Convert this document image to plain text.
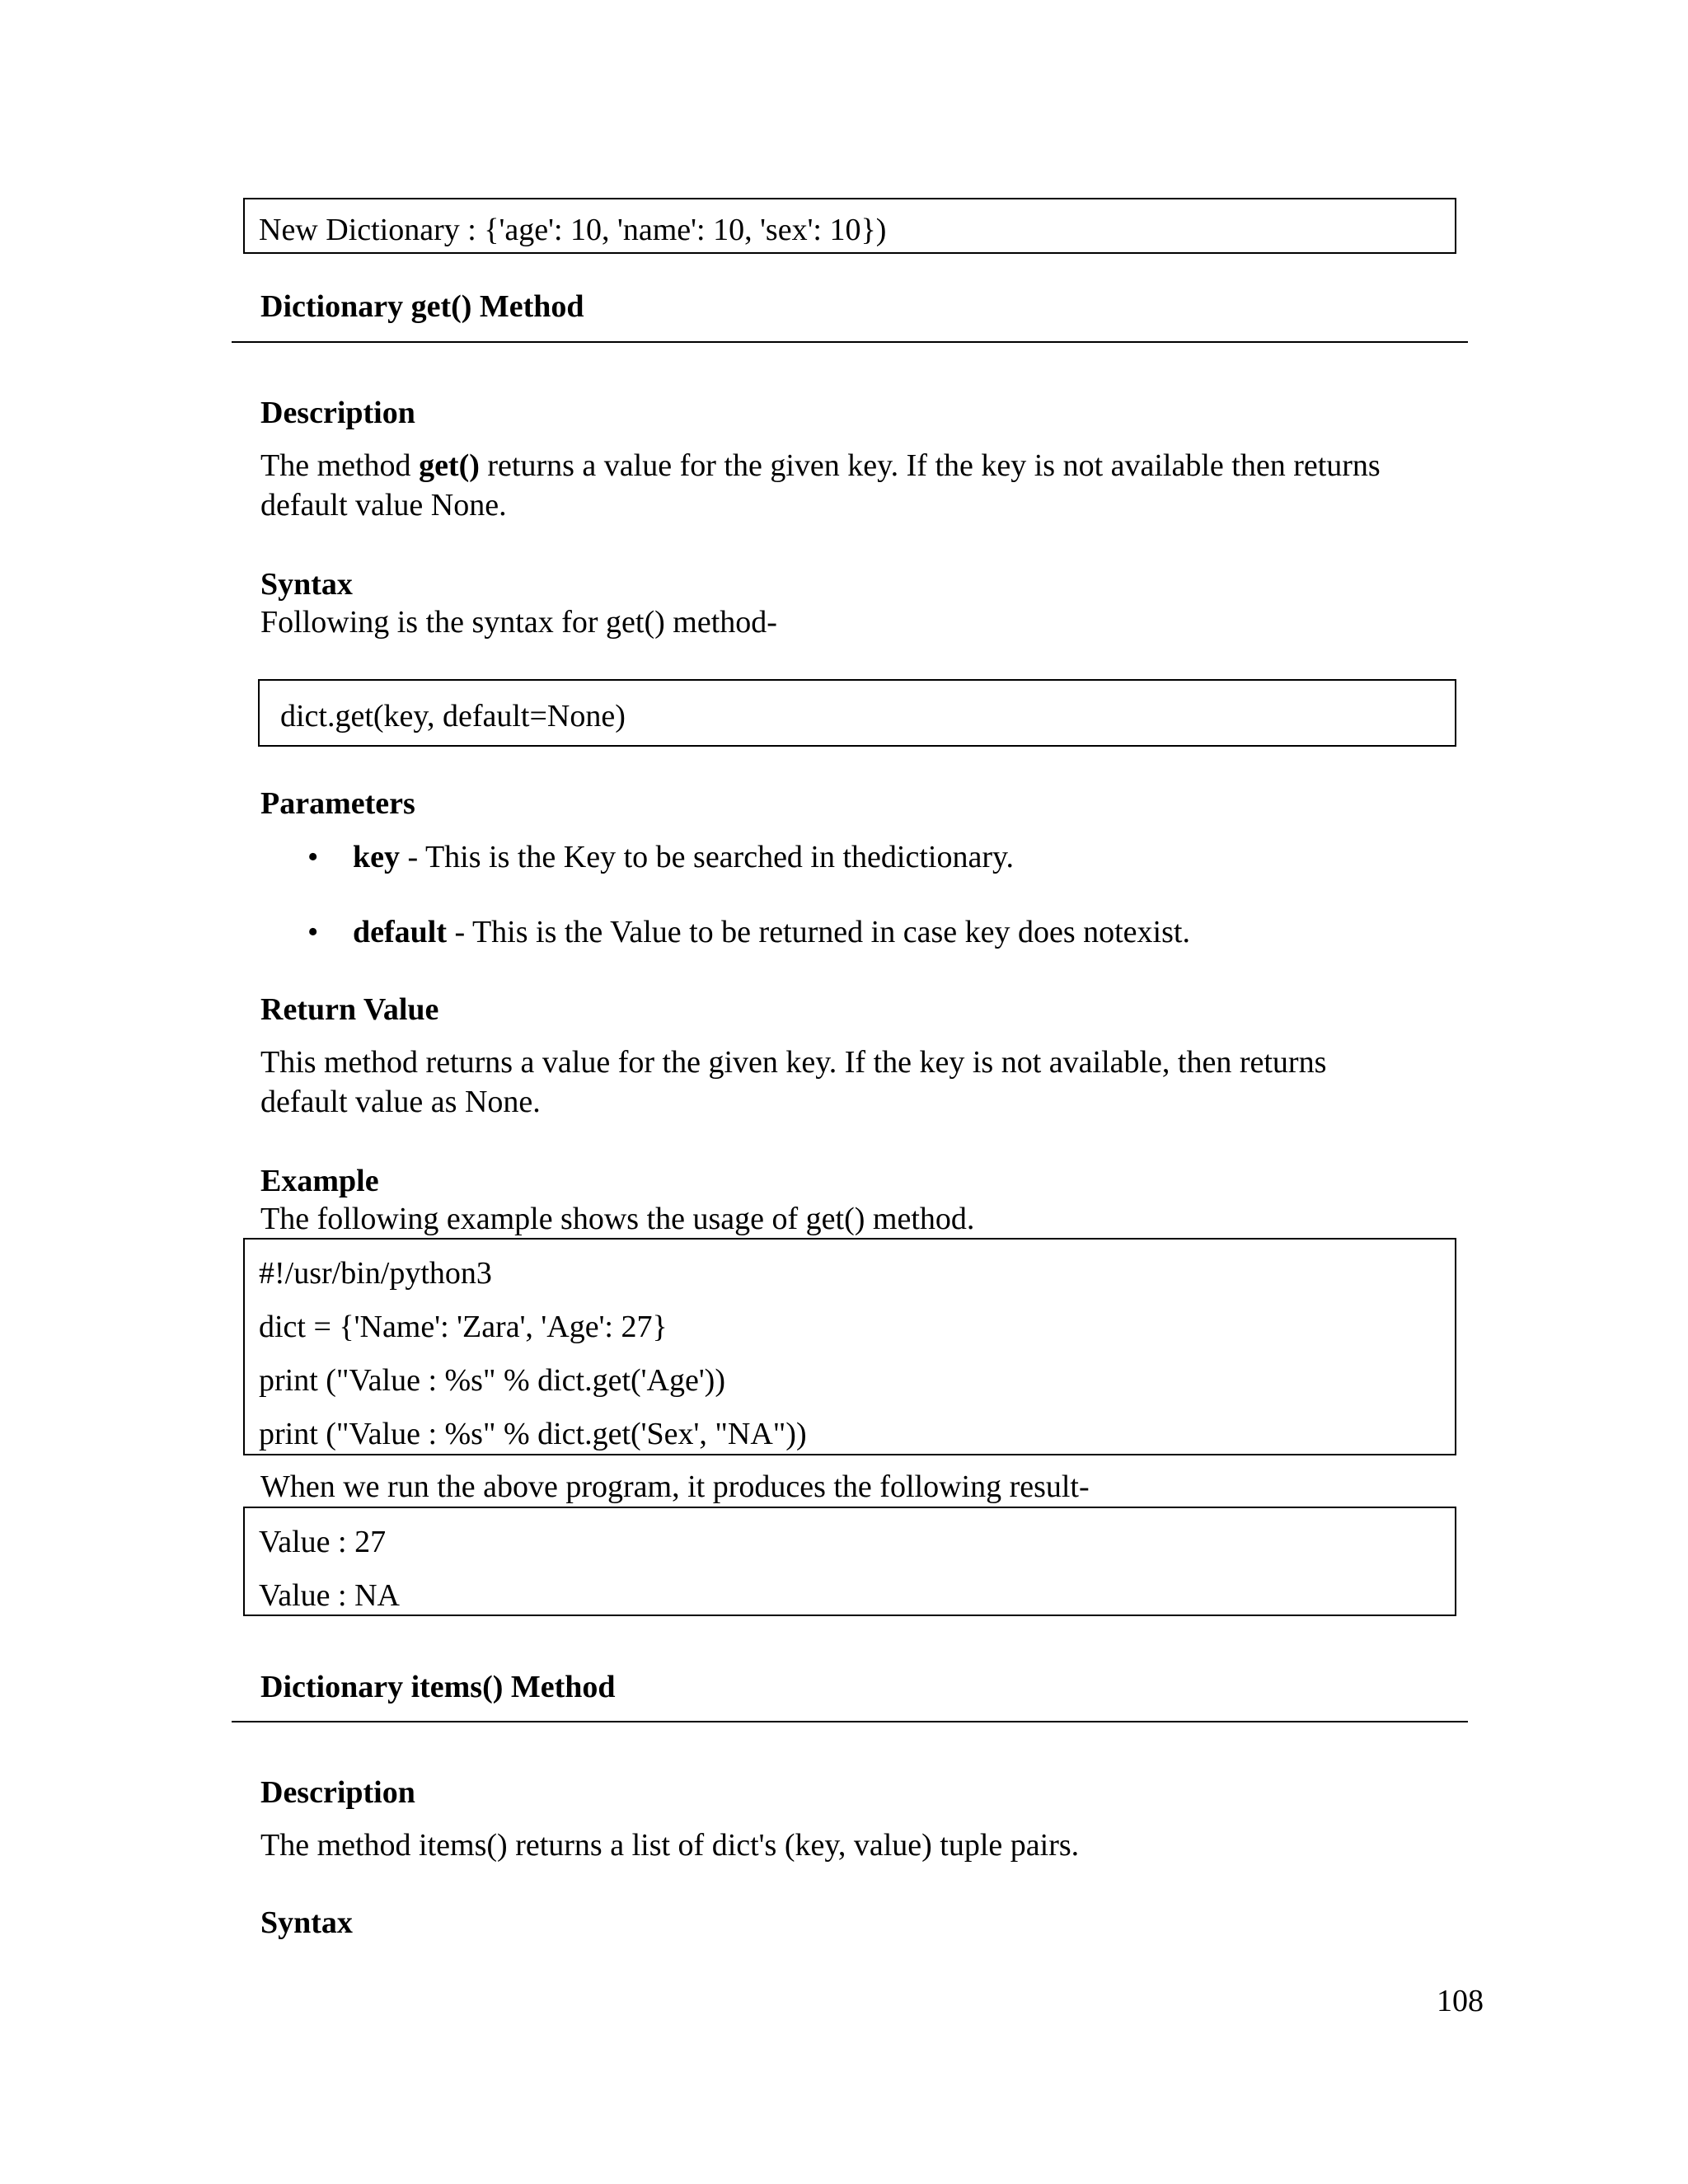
New Dictionary : {'age': 10, 'name': 10, 'sex': 10})
Dictionary get() Method
Description
The method get() returns a value for the given key. If the key is not available then returns
default value None.
Syntax
Following is the syntax for get() method-
dict.get(key, default=None)
Parameters
• key - This is the Key to be searched in thedictionary.
• default - This is the Value to be returned in case key does notexist.
Return Value
This method returns a value for the given key. If the key is not available, then returns
default value as None.
Example
The following example shows the usage of get() method.
#!/usr/bin/python3
dict = {'Name': 'Zara', 'Age': 27}
print ("Value : %s" % dict.get('Age'))
print ("Value : %s" % dict.get('Sex', "NA"))
When we run the above program, it produces the following result-
Value : 27
Value : NA
Dictionary items() Method
Description
The method items() returns a list of dict's (key, value) tuple pairs.
Syntax
108
